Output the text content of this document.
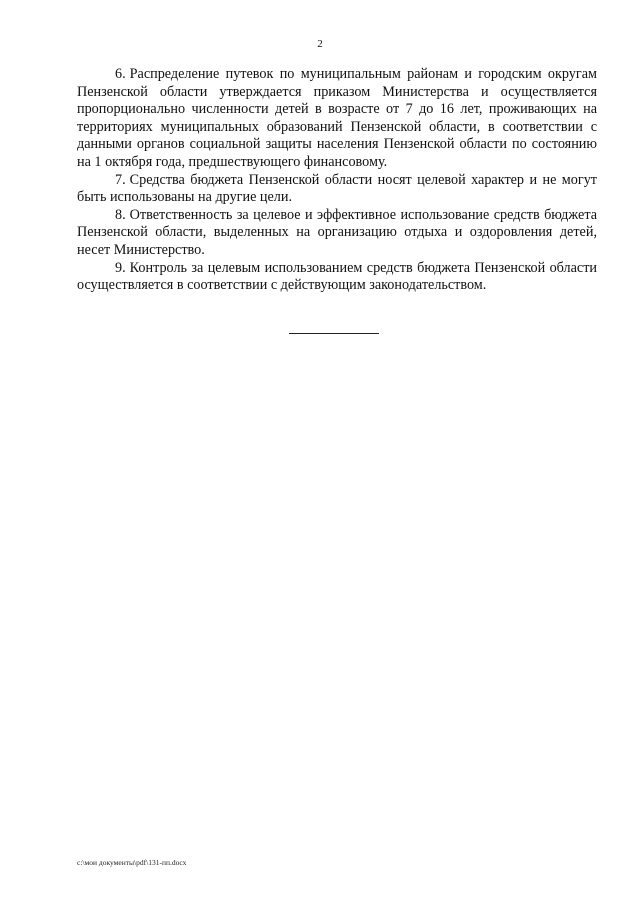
2

6. Распределение путевок по муниципальным районам и городским округам Пензенской области утверждается приказом Министерства и осуществляется пропорционально численности детей в возрасте от 7 до 16 лет, проживающих на территориях муниципальных образований Пензенской области, в соответствии с данными органов социальной защиты населения Пензенской области по состоянию на 1 октября года, предшествующего финансовому.

7. Средства бюджета Пензенской области носят целевой характер и не могут быть использованы на другие цели.

8. Ответственность за целевое и эффективное использование средств бюджета Пензенской области, выделенных на организацию отдыха и оздоровления детей, несет Министерство.

9. Контроль за целевым использованием средств бюджета Пензенской области осуществляется в соответствии с действующим законодательством.

c:\мои документы\pdf\131-пп.docx
